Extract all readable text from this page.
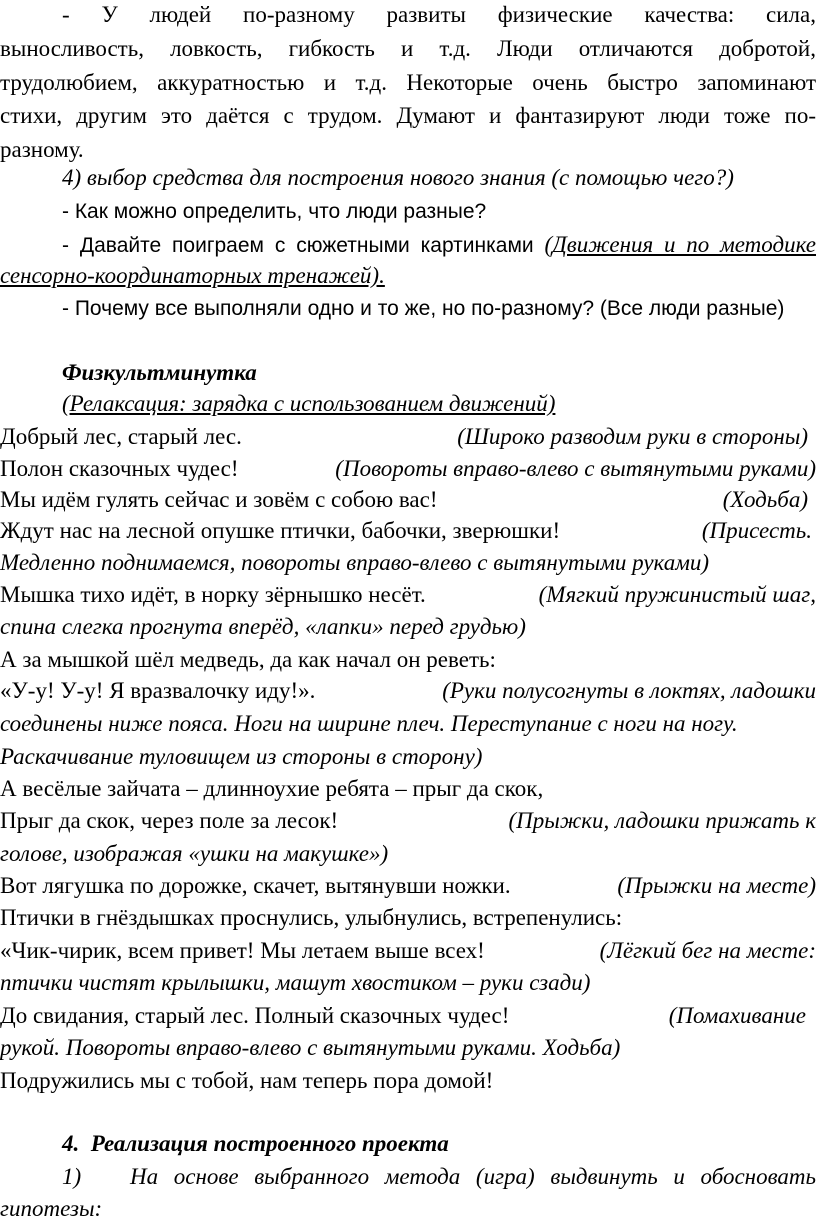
- У людей по-разному развиты физические качества: сила,
выносливость, ловкость, гибкость и т.д. Люди отличаются добротой,
трудолюбием, аккуратностью и т.д. Некоторые очень быстро запоминают
стихи, другим это даётся с трудом. Думают и фантазируют люди тоже по-
разному.
4) выбор средства для построения нового знания (с помощью чего?)
- Как можно определить, что люди разные?
- Давайте поиграем с сюжетными картинками (Движения и по методике
сенсорно-координаторных тренажей).
- Почему все выполняли одно и то же, но по-разному? (Все люди разные)
Физкультминутка
(Релаксация: зарядка с использованием движений)
Добрый лес, старый лес.	(Широко разводим руки в стороны)
Полон сказочных чудес!	(Повороты вправо-влево с вытянутыми руками)
Мы идём гулять сейчас и зовём с собою вас!	(Ходьба)
Ждут нас на лесной опушке птички, бабочки, зверюшки!	(Присесть.
Медленно поднимаемся, повороты вправо-влево с вытянутыми руками)
Мышка тихо идёт, в норку зёрнышко несёт.	(Мягкий пружинистый шаг,
спина слегка прогнута вперёд, «лапки» перед грудью)
А за мышкой шёл медведь, да как начал он реветь:
«У-у! У-у! Я вразвалочку иду!».	(Руки полусогнуты в локтях, ладошки
соединены ниже пояса. Ноги на ширине плеч. Переступание с ноги на ногу.
Раскачивание туловищем из стороны в сторону)
А весёлые зайчата – длинноухие ребята – прыг да скок,
Прыг да скок, через поле за лесок!	(Прыжки, ладошки прижать к
голове, изображая «ушки на макушке»)
Вот лягушка по дорожке, скачет, вытянувши ножки.	(Прыжки на месте)
Птички в гнёздышках проснулись, улыбнулись, встрепенулись:
«Чик-чирик, всем привет! Мы летаем выше всех!	(Лёгкий бег на месте:
птички чистят крылышки, машут хвостиком – руки сзади)
До свидания, старый лес. Полный сказочных чудес!	(Помахивание
рукой. Повороты вправо-влево с вытянутыми руками. Ходьба)
Подружились мы с тобой, нам теперь пора домой!
4. Реализация построенного проекта
1) На основе выбранного метода (игра) выдвинуть и обосновать
гипотезы:
